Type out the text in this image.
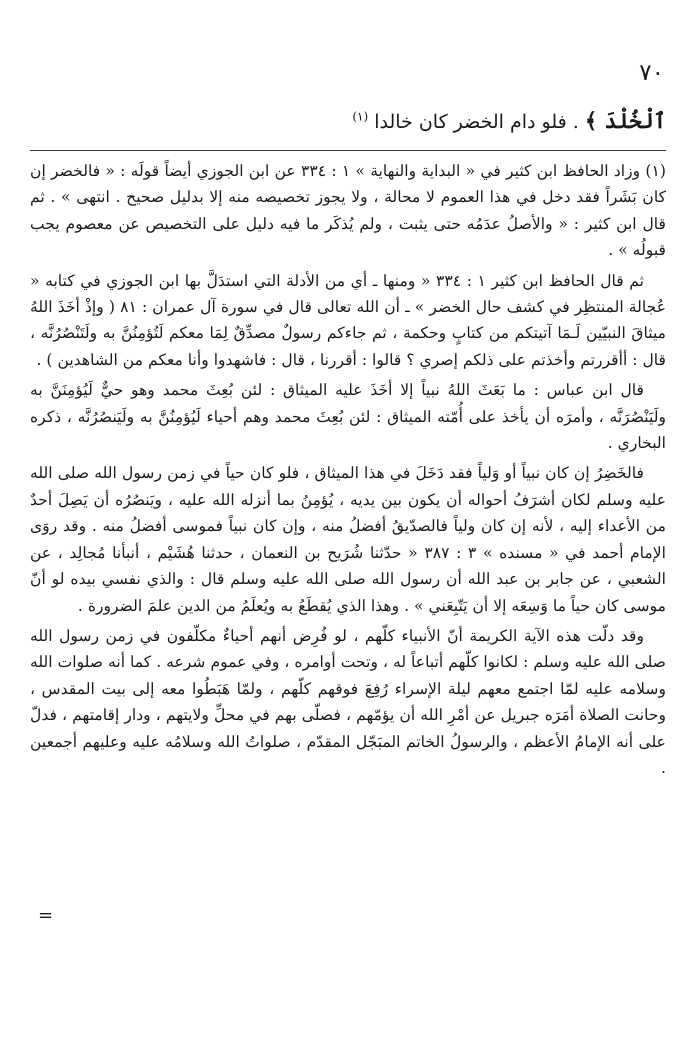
٧٠
ٱلْخُلْدَ ﴾ . فلو دام الخضر كان خالدا $^{(١)}$

(١) وزاد الحافظ ابن كثير في « البداية والنهاية » ١ : ٣٣٤ عن ابن الجوزي أيضاً قولَه : « فالخضر إن كان بَشَراً فقد دخل في هذا العموم لا محالة ، ولا يجوز تخصيصه منه إلا بدليل صحيح . انتهى » . ثم قال ابن كثير : « والأصلُ عدَمُه حتى يثبت ، ولم يُذكَر ما فيه دليل على التخصيص عن معصوم يجب قبولُه » .

ثم قال الحافظ ابن كثير ١ : ٣٣٤ « ومنها ـ أي من الأدلة التي استدَلَّ بها ابن الجوزي في كتابه « عُجالة المنتظِر في كشف حال الخضر » ـ أن الله تعالى قال في سورة آل عمران : ٨١ ( وإذْ أخَذَ اللهُ ميثاقَ النبيّين لَـمَا آتيتكم من كتابٍ وحكمة ، ثم جاءكم رسولٌ مصدِّقٌ لِمَا معكم لَتُؤمِنُنَّ به ولَتَنْصُرُنَّه ، قال : أأقررتم وأخذتم على ذلكم إصري ؟ قالوا : أقررنا ، قال : فاشهدوا وأنا معكم من الشاهدين ) .

قال ابن عباس : ما بَعَثَ اللهُ نبياً إلا أخَذَ عليه الميثاق : لئن بُعِثَ محمد وهو حيٌّ لَيُؤمِنَنَّ به ولَيَنْصُرَنَّه ، وأمرَه أن يأخذ على أُمّته الميثاق : لئن بُعِثَ محمد وهم أحياء لَيُؤمِنُنَّ به ولَيَنصُرُنَّه ، ذكره البخاري .

فالخَضِرُ إن كان نبياً أو وَلياً فقد دَخَلَ في هذا الميثاق ، فلو كان حياً في زمن رسول الله صلى الله عليه وسلم لكان أشرَفُ أحواله أن يكون بين يديه ، يُؤمِنُ بما أنزله الله عليه ، ويَنصُرُه أن يَصِلَ أحدٌ من الأعداء إليه ، لأنه إن كان ولياً فالصدّيقُ أفضلُ منه ، وإن كان نبياً فموسى أفضلُ منه . وقد روَى الإمام أحمد في « مسنده » ٣ : ٣٨٧ « حدّثنا شُرَيح بن النعمان ، حدثنا هُشَيْم ، أنبأنا مُجالِد ، عن الشعبي ، عن جابر بن عبد الله أن رسول الله صلى الله عليه وسلم قال : والذي نفسي بيده لو أنّ موسى كان حياً ما وَسِعَه إلا أن يَتّبِعَني » . وهذا الذي يُقطَعُ به ويُعلَمُ من الدين علمَ الضرورة .

وقد دلّت هذه الآية الكريمة أنّ الأنبياء كلّهم ، لو فُرِض أنهم أحياءٌ مكلّفون في زمن رسول الله صلى الله عليه وسلم : لكانوا كلّهم أتباعاً له ، وتحت أوامره ، وفي عموم شرعه . كما أنه صلوات الله وسلامه عليه لمّا اجتمع معهم ليلة الإسراء رُفِعَ فوقهم كلّهم ، ولمّا هَبَطُوا معه إلى بيت المقدس ، وحانت الصلاة أمَرَه جبريل عن أمْرِ الله أن يؤمّهم ، فصلّى بهم في محلِّ ولايتهم ، ودار إقامتهم ، فدلّ على أنه الإمامُ الأعظم ، والرسولُ الخاتم المبَجّل المقدّم ، صلواتُ الله وسلامُه عليه وعليهم أجمعين .

=
